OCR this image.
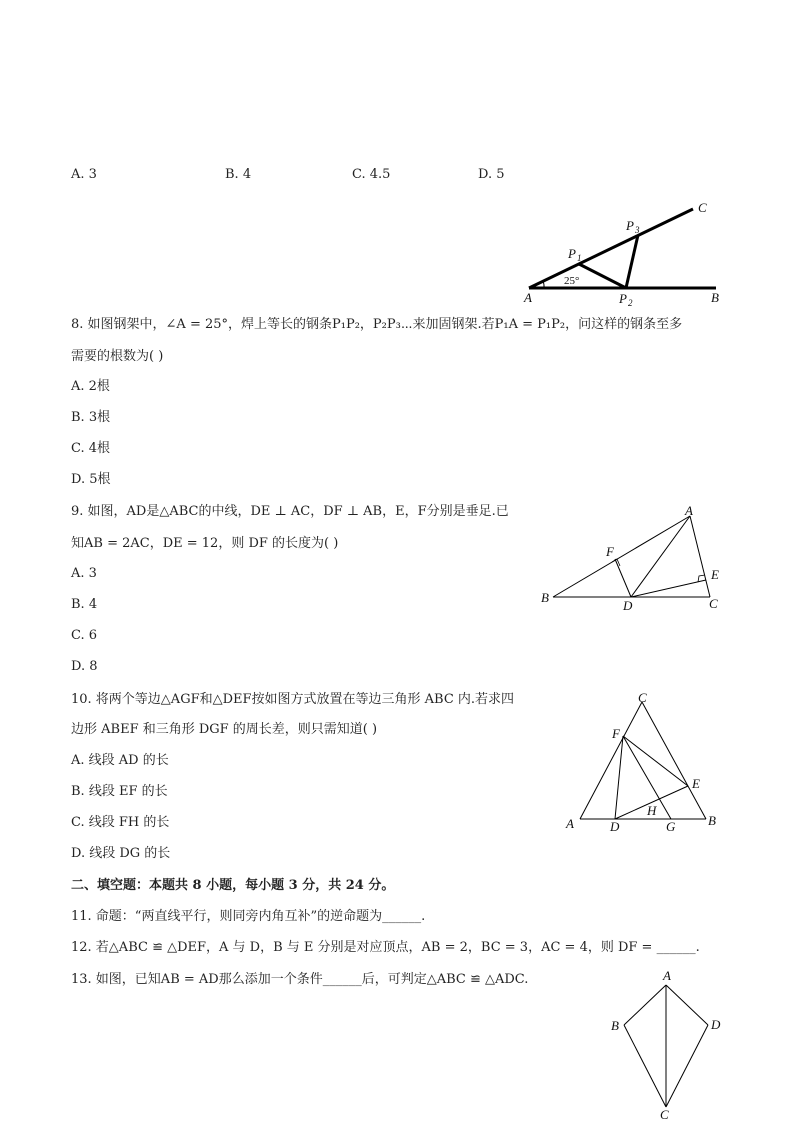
A. 3	B. 4	C. 4.5	D. 5
A	B
C
P 1
P 2
P 3
25°
8. 如图钢架中，∠A = 25°，焊上等长的钢条P₁P₂，P₂P₃⋯来加固钢架.若P₁A = P₁P₂，问这样的钢条至多
需要的根数为( )
A. 2根
B. 3根
C. 4根
D. 5根
9. 如图，AD是△ABC的中线，DE ⊥ AC，DF ⊥ AB，E，F分别是垂足.已
知AB = 2AC，DE = 12，则 DF 的长度为( )
A. 3
B. 4
C. 6
D. 8
A
B	C
D
E
F
10. 将两个等边△AGF和△DEF按如图方式放置在等边三角形 ABC 内.若求四
边形 ABEF 和三角形 DGF 的周长差，则只需知道( )
A. 线段 AD 的长
B. 线段 EF 的长
C. 线段 FH 的长
D. 线段 DG 的长
C
F
E
H
A	D	G	B
二、填空题：本题共 8 小题，每小题 3 分，共 24 分。
11. 命题：“两直线平行，则同旁内角互补”的逆命题为______.
12. 若△ABC ≌ △DEF，A 与 D，B 与 E 分别是对应顶点，AB = 2，BC = 3，AC = 4，则 DF = ______.
13. 如图，已知AB = AD那么添加一个条件______后，可判定△ABC ≌ △ADC.	A
B	D
C
